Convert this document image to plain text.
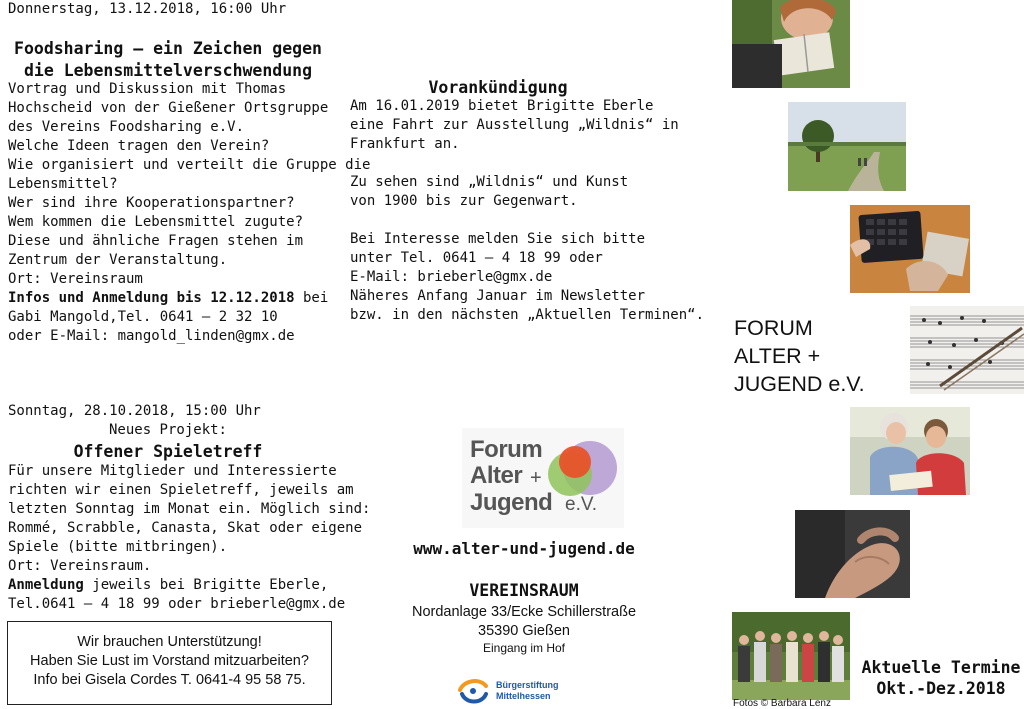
Donnerstag, 13.12.2018, 16:00 Uhr
Foodsharing – ein Zeichen gegen
die Lebensmittelverschwendung
Vortrag und Diskussion mit Thomas
Hochscheid von der Gießener Ortsgruppe
des Vereins Foodsharing e.V.
Welche Ideen tragen den Verein?
Wie organisiert und verteilt die Gruppe die
Lebensmittel?
Wer sind ihre Kooperationspartner?
Wem kommen die Lebensmittel zugute?
Diese und ähnliche Fragen stehen im
Zentrum der Veranstaltung.
Ort: Vereinsraum
Infos und Anmeldung bis 12.12.2018 bei
Gabi Mangold,Tel. 0641 – 2 32 10
oder E-Mail: mangold_linden@gmx.de
Sonntag, 28.10.2018, 15:00 Uhr
Neues Projekt:
Offener Spieletreff
Für unsere Mitglieder und Interessierte
richten wir einen Spieletreff, jeweils am
letzten Sonntag im Monat ein. Möglich sind:
Rommé, Scrabble, Canasta, Skat oder eigene
Spiele (bitte mitbringen).
Ort: Vereinsraum.
Anmeldung jeweils bei Brigitte Eberle,
Tel.0641 – 4 18 99 oder brieberle@gmx.de
Wir brauchen Unterstützung!
Haben Sie Lust im Vorstand mitzuarbeiten?
Info bei Gisela Cordes T. 0641-4 95 58 75.
Vorankündigung
Am 16.01.2019 bietet Brigitte Eberle
eine Fahrt zur Ausstellung „Wildnis“ in
Frankfurt an.

Zu sehen sind „Wildnis“ und Kunst
von 1900 bis zur Gegenwart.

Bei Interesse melden Sie sich bitte
unter Tel. 0641 – 4 18 99 oder
E-Mail: brieberle@gmx.de
Näheres Anfang Januar im Newsletter
bzw. in den nächsten „Aktuellen Terminen“.
Forum
Alter +
Jugend e.V.
www.alter-und-jugend.de
VEREINSRAUM
Nordanlage 33/Ecke Schillerstraße
35390 Gießen
Eingang im Hof
Bürgerstiftung
Mittelhessen
FORUM
ALTER +
JUGEND e.V.
Fotos © Barbara Lenz
Aktuelle Termine
Okt.-Dez.2018
